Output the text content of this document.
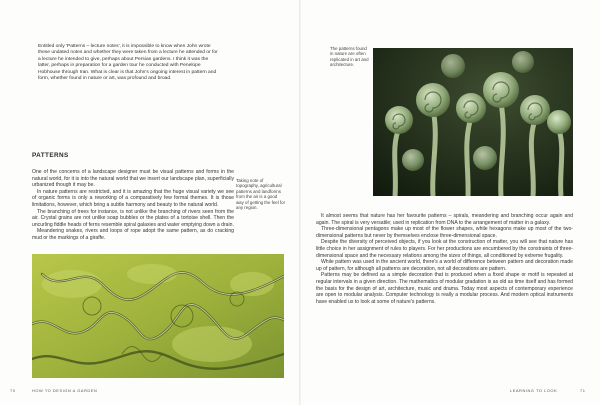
Entitled only 'Patterns – lecture notes', it is impossible to know when John wrote these undated notes and whether they were taken from a lecture he attended or for a lecture he intended to give, perhaps about Persian gardens. I think it was the latter, perhaps in preparation for a garden tour he conducted with Penelope Hobhouse through Iran. What is clear is that John's ongoing interest in pattern and form, whether found in nature or art, was profound and broad.
PATTERNS

One of the concerns of a landscape designer must be visual patterns and forms in the natural world, for it is into the natural world that we insert our landscape plan, superficially urbanized though it may be.

In nature patterns are restricted, and it is amazing that the huge visual variety we see of organic forms is only a reworking of a comparatively few formal themes. It is those limitations, however, which bring a subtle harmony and beauty to the natural world.

The branching of trees for instance, is not unlike the branching of rivers seen from the air. Crystal grains are not unlike soap bubbles or the plates of a tortoise shell. Then the uncurling fiddle heads of ferns resemble spiral galaxies and water emptying down a drain.

Meandering snakes, rivers and loops of rope adopt the same pattern, as do cracking mud or the markings of a giraffe.

Taking note of topography, agricultural patterns and landforms from the air is a good way of getting the feel for any region.
70	HOW TO DESIGN A GARDEN
The patterns found in nature are often replicated in art and architecture.

It almost seems that nature has her favourite patterns – spirals, meandering and branching occur again and again. The spiral is very versatile; used in replication from DNA to the arrangement of matter in a galaxy.

Three-dimensional pentagons make up most of the flower shapes, while hexagons make up most of the two-dimensional patterns but never by themselves enclose three-dimensional space.

Despite the diversity of perceived objects, if you look at the construction of matter, you will see that nature has little choice in her assignment of rules to players. For her productions are encumbered by the constraints of three-dimensional space and the necessary relations among the sizes of things, all conditioned by extreme frugality.

While pattern was used in the ancient world, there's a world of difference between pattern and decoration made up of pattern, for although all patterns are decoration, not all decorations are pattern.

Patterns may be defined as a simple decoration that is produced when a fixed shape or motif is repeated at regular intervals in a given direction. The mathematics of modular gradation is as old as time itself and has formed the basis for the design of art, architecture, music and drama. Today most aspects of contemporary experience are open to modular analysis. Computer technology is really a modular process. And modern optical instruments have enabled us to look at some of nature's patterns.

LEARNING TO LOOK	71
